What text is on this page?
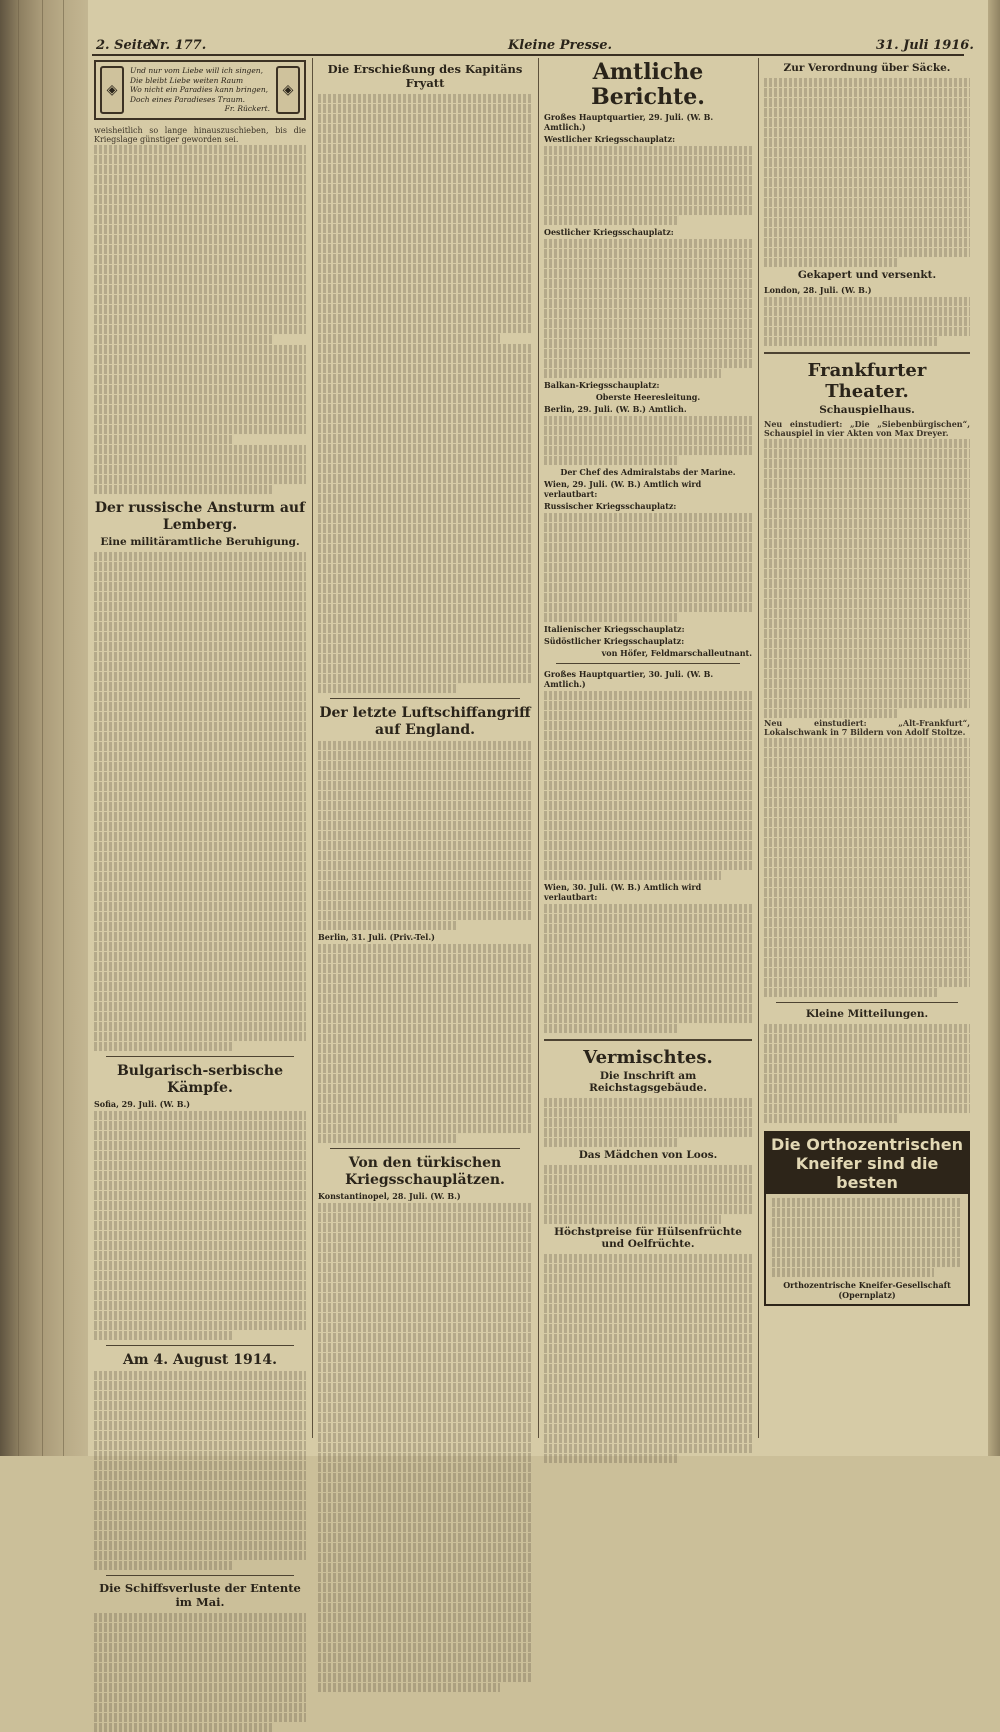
2. Seite.
Nr. 177.	Kleine Presse.	31. Juli 1916.
◈
Und nur vom Liebe will ich singen,
Die bleibt Liebe weiten Raum
Wo nicht ein Paradies kann bringen,
Doch eines Paradieses Traum.
Fr. Rückert.
◈

weisheitlich so lange hinauszuschieben, bis die Kriegslage günstiger geworden sei.

Der russische Ansturm auf Lemberg.
Eine militäramtliche Beruhigung.
Bulgarisch-serbische Kämpfe.
Sofia, 29. Juli. (W. B.)
Am 4. August 1914.
Die Schiffsverluste der Entente im Mai.
Die Erschießung des Kapitäns Fryatt
Der letzte Luftschiffangriff auf England.
Berlin, 31. Juli. (Priv.-Tel.)
Von den türkischen Kriegsschauplätzen.
Konstantinopel, 28. Juli. (W. B.)
Amtliche Berichte.
Großes Hauptquartier, 29. Juli. (W. B. Amtlich.)
Westlicher Kriegsschauplatz:
Oestlicher Kriegsschauplatz:
Balkan-Kriegsschauplatz:
Oberste Heeresleitung.
Berlin, 29. Juli. (W. B.) Amtlich.
Der Chef des Admiralstabs der Marine.
Wien, 29. Juli. (W. B.) Amtlich wird verlautbart:
Russischer Kriegsschauplatz:
Italienischer Kriegsschauplatz:
Südöstlicher Kriegsschauplatz:
von Höfer, Feldmarschalleutnant.
Großes Hauptquartier, 30. Juli. (W. B. Amtlich.)
Wien, 30. Juli. (W. B.) Amtlich wird verlautbart:
Vermischtes.
Die Inschrift am Reichstagsgebäude.
Das Mädchen von Loos.
Höchstpreise für Hülsenfrüchte und Oelfrüchte.
Zur Verordnung über Säcke.
Gekapert und versenkt.
London, 28. Juli. (W. B.)
Frankfurter Theater.
Schauspielhaus.

Neu einstudiert: „Die „Siebenbürgischen“, Schauspiel in vier Akten von Max Dreyer.

Neu einstudiert: „Alt-Frankfurt“, Lokalschwank in 7 Bildern von Adolf Stoltze.

Kleine Mitteilungen.
Die Orthozentrischen Kneifer sind die besten
Orthozentrische Kneifer-Gesellschaft (Opernplatz)
